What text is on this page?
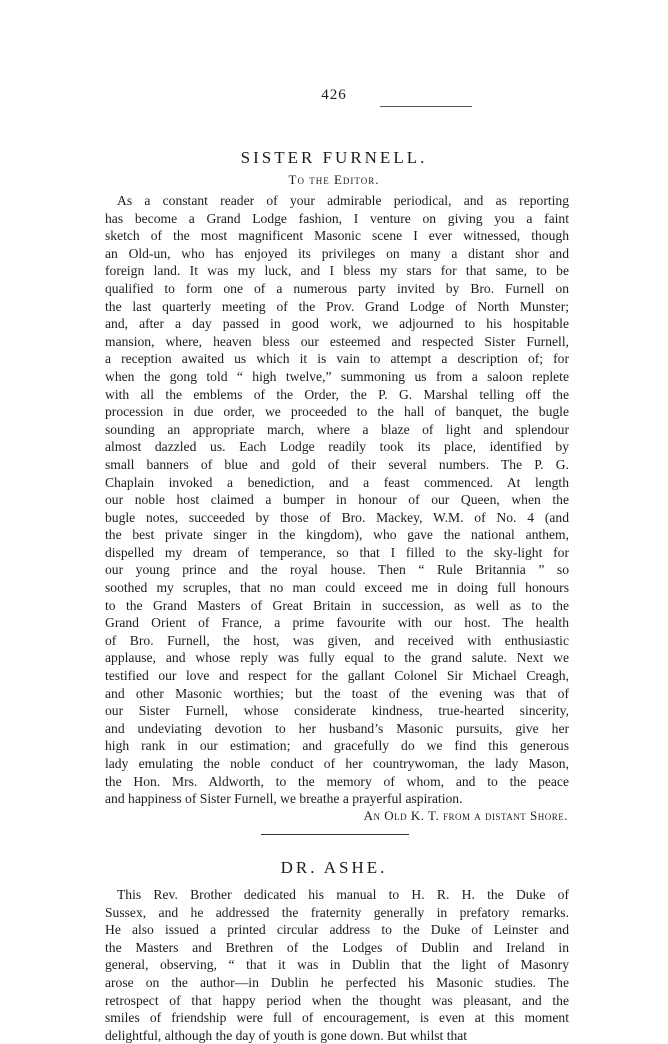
426
SISTER FURNELL.
To the Editor.
As a constant reader of your admirable periodical, and as reporting
has become a Grand Lodge fashion, I venture on giving you a faint
sketch of the most magnificent Masonic scene I ever witnessed, though
an Old-un, who has enjoyed its privileges on many a distant shor and
foreign land. It was my luck, and I bless my stars for that same, to be
qualified to form one of a numerous party invited by Bro. Furnell on
the last quarterly meeting of the Prov. Grand Lodge of North Munster;
and, after a day passed in good work, we adjourned to his hospitable
mansion, where, heaven bless our esteemed and respected Sister Furnell,
a reception awaited us which it is vain to attempt a description of; for
when the gong told “ high twelve,” summoning us from a saloon replete
with all the emblems of the Order, the P. G. Marshal telling off the
procession in due order, we proceeded to the hall of banquet, the bugle
sounding an appropriate march, where a blaze of light and splendour
almost dazzled us. Each Lodge readily took its place, identified by
small banners of blue and gold of their several numbers. The P. G.
Chaplain invoked a benediction, and a feast commenced. At length
our noble host claimed a bumper in honour of our Queen, when the
bugle notes, succeeded by those of Bro. Mackey, W.M. of No. 4 (and
the best private singer in the kingdom), who gave the national anthem,
dispelled my dream of temperance, so that I filled to the sky-light for
our young prince and the royal house. Then “ Rule Britannia ” so
soothed my scruples, that no man could exceed me in doing full honours
to the Grand Masters of Great Britain in succession, as well as to the
Grand Orient of France, a prime favourite with our host. The health
of Bro. Furnell, the host, was given, and received with enthusiastic
applause, and whose reply was fully equal to the grand salute. Next we
testified our love and respect for the gallant Colonel Sir Michael Creagh,
and other Masonic worthies; but the toast of the evening was that of
our Sister Furnell, whose considerate kindness, true-hearted sincerity,
and undeviating devotion to her husband’s Masonic pursuits, give her
high rank in our estimation; and gracefully do we find this generous
lady emulating the noble conduct of her countrywoman, the lady Mason,
the Hon. Mrs. Aldworth, to the memory of whom, and to the peace
and happiness of Sister Furnell, we breathe a prayerful aspiration.
An Old K. T. from a distant Shore.
DR. ASHE.
This Rev. Brother dedicated his manual to H. R. H. the Duke of
Sussex, and he addressed the fraternity generally in prefatory remarks.
He also issued a printed circular address to the Duke of Leinster and
the Masters and Brethren of the Lodges of Dublin and Ireland in
general, observing, “ that it was in Dublin that the light of Masonry
arose on the author—in Dublin he perfected his Masonic studies. The
retrospect of that happy period when the thought was pleasant, and the
smiles of friendship were full of encouragement, is even at this moment
delightful, although the day of youth is gone down. But whilst that
